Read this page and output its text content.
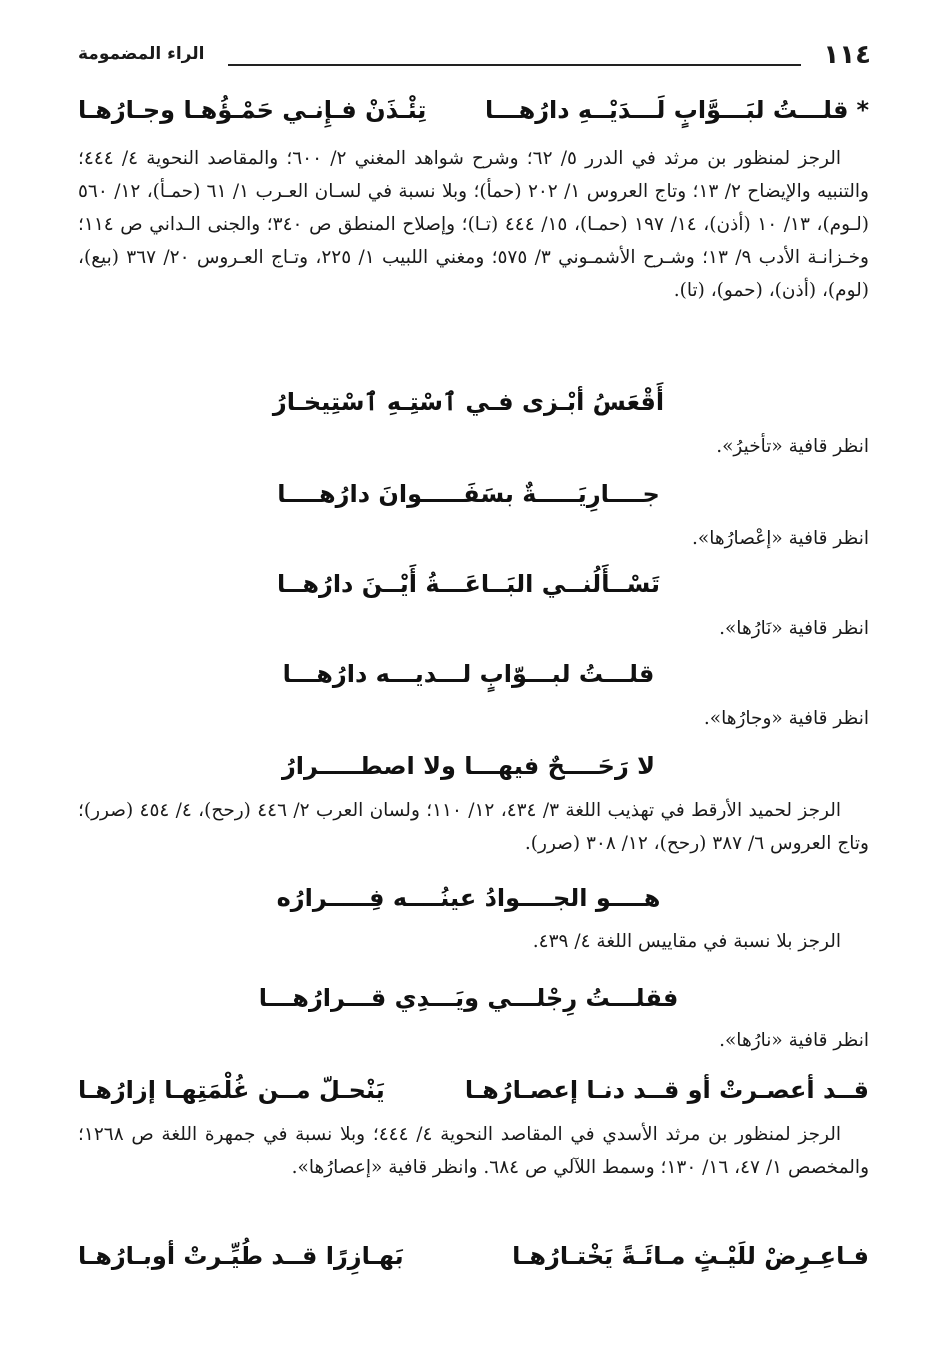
١١٤
الراء المضمومة
*قلـــتُ لبَـــوَّابٍ لَـــدَيْــهِ دارُهـــا
تِئْـذَنْ فـإِنـي حَمْـؤُهـا وجـارُهـا
الرجز لمنظور بن مرثد في الدرر ٥/ ٦٢؛ وشرح شواهد المغني ٢/ ٦٠٠؛ والمقاصد النحوية ٤/ ٤٤٤؛ والتنبيه والإيضاح ٢/ ١٣؛ وتاج العروس ١/ ٢٠٢ (حمأ)؛ وبلا نسبة في لسـان العـرب ١/ ٦١ (حمـأ)، ١٢/ ٥٦٠ (لـوم)، ١٣/ ١٠ (أذن)، ١٤/ ١٩٧ (حمـا)، ١٥/ ٤٤٤ (تـا)؛ وإصلاح المنطق ص ٣٤٠؛ والجنى الـداني ص ١١٤؛ وخـزانـة الأدب ٩/ ١٣؛ وشـرح الأشمـوني ٣/ ٥٧٥؛ ومغني اللبيب ١/ ٢٢٥، وتـاج العـروس ٢٠/ ٣٦٧ (بيع)، (لوم)، (أذن)، (حمو)، (تا).
أَقْعَسُ أبْـزى فـي ٱسْتِـهِ ٱسْتِيخـارُ
انظر قافية «تأخيرُ».
جــــارِيَـــــةٌ بسَفَـــــوانَ دارُهــــا
انظر قافية «إعْصارُها».
تَسْــأَلُنــي البَــاعَـــةُ أَيْــنَ دارُهــا
انظر قافية «نَارُها».
قلـــتُ لبـــوّابٍ لـــديـــه دارُهـــا
انظر قافية «وجارُها».
لا رَحَــــحٌ فيهـــا ولا اصطـــــرارُ
الرجز لحميد الأرقط في تهذيب اللغة ٣/ ٤٣٤، ١٢/ ١١٠؛ ولسان العرب ٢/ ٤٤٦ (رحح)، ٤/ ٤٥٤ (صرر)؛ وتاج العروس ٦/ ٣٨٧ (رحح)، ١٢/ ٣٠٨ (صرر).
هــــو الجــــوادُ عينُــــه فِـــــرارُه
الرجز بلا نسبة في مقاييس اللغة ٤/ ٤٣٩.
فقلـــتُ رِجْلـــي ويَـــدِي قـــرارُهـــا
انظر قافية «نارُها».
قــد أعصـرتْ أو قــد دنـا إعصـارُهـا
يَنْحـلّ مــن غُلْمَتِهـا إزارُهـا
الرجز لمنظور بن مرثد الأسدي في المقاصد النحوية ٤/ ٤٤٤؛ وبلا نسبة في جمهرة اللغة ص ١٢٦٨؛ والمخصص ١/ ٤٧، ١٦/ ١٣٠؛ وسمط اللآلي ص ٦٨٤. وانظر قافية «إعصارُها».
فـاعِـرِضْ للَيْـثٍ مـائَـةً يَخْتـارُهـا
بَهـازِرًا قــد طُيِّـرتْ أوبـارُهـا
